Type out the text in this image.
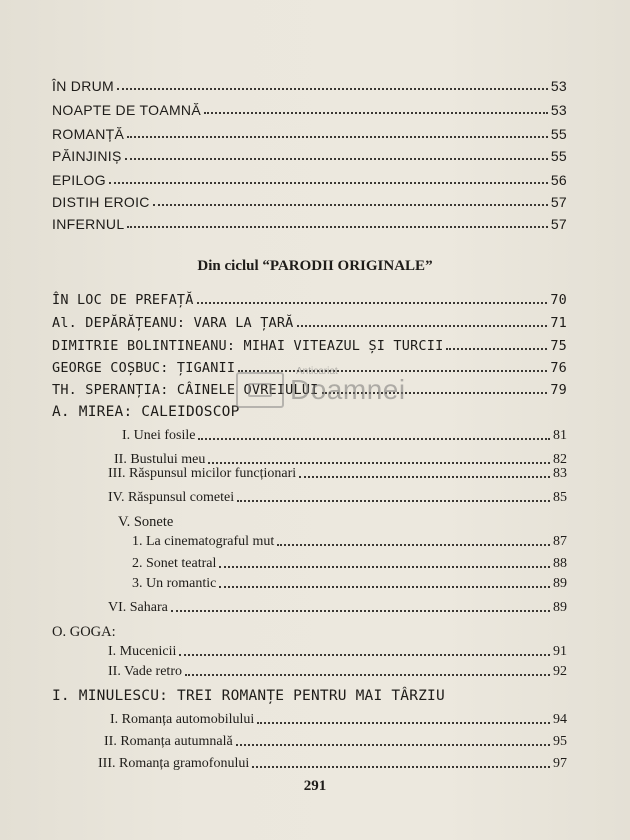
ÎN DRUM	53
NOAPTE DE TOAMNĂ	53
ROMANȚĂ	55
PĂINJINIȘ	55
EPILOG	56
DISTIH EROIC	57
INFERNUL	57
Din ciclul “PARODII ORIGINALE”
ÎN LOC DE PREFAȚĂ	70
Al. DEPĂRĂȚEANU: VARA LA ȚARĂ	71
DIMITRIE BOLINTINEANU: MIHAI VITEAZUL ȘI TURCII	75
GEORGE COȘBUC: ȚIGANII	76
TH. SPERANȚIA: CÂINELE OVREIULUI	79
A. MIREA: CALEIDOSCOP
I. Unei fosile	81
II. Bustului meu	82
III. Răspunsul micilor funcționari	83
IV. Răspunsul cometei	85
V. Sonete
1. La cinematograful mut	87
2. Sonet teatral	88
3. Un romantic	89
VI. Sahara	89
O. GOGA:
I. Mucenicii	91
II. Vade retro	92
I. MINULESCU: TREI ROMANȚE PENTRU MAI TÂRZIU
I. Romanța automobilului	94
II. Romanța autumnală	95
III. Romanța gramofonului	97
Anticariat
Doamnei
291
